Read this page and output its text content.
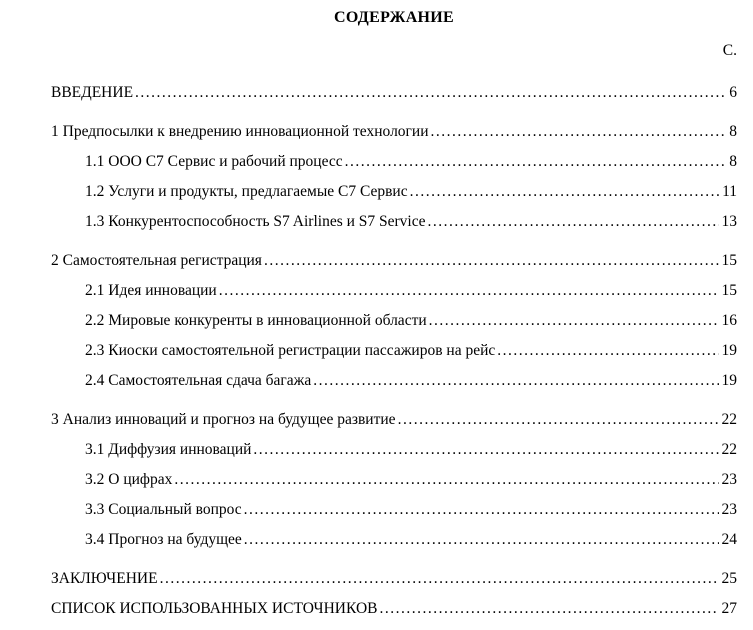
СОДЕРЖАНИЕ
С.
ВВЕДЕНИЕ .....	6
1 Предпосылки к внедрению инновационной технологии .....	8
1.1 ООО С7 Сервис и рабочий процесс .....	8
1.2 Услуги и продукты, предлагаемые С7 Сервис .....	11
1.3 Конкурентоспособность S7 Airlines и S7 Service .....	13
2 Самостоятельная регистрация .....	15
2.1 Идея инновации .....	15
2.2 Мировые конкуренты в инновационной области .....	16
2.3 Киоски самостоятельной регистрации пассажиров на рейс .....	19
2.4 Самостоятельная сдача багажа .....	19
3 Анализ инноваций и прогноз на будущее развитие .....	22
3.1 Диффузия инноваций .....	22
3.2 О цифрах .....	23
3.3 Социальный вопрос .....	23
3.4 Прогноз на будущее .....	24
ЗАКЛЮЧЕНИЕ .....	25
СПИСОК ИСПОЛЬЗОВАННЫХ ИСТОЧНИКОВ .....	27
